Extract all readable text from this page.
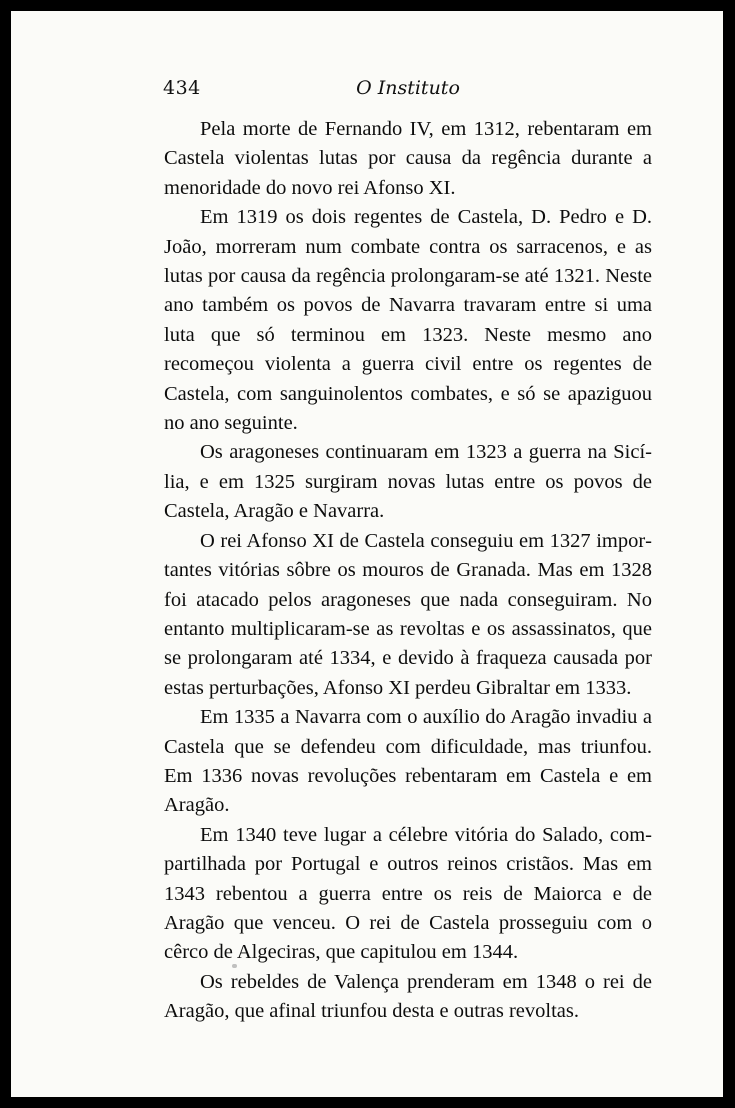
434	O Instituto

Pela morte de Fernando IV, em 1312, rebentaram em Castela violentas lutas por causa da regência durante a menoridade do novo rei Afonso XI.

Em 1319 os dois regentes de Castela, D. Pedro e D. João, morreram num combate contra os sarracenos, e as lutas por causa da regência prolongaram-se até 1321. Neste ano também os povos de Navarra travaram entre si uma luta que só terminou em 1323. Neste mesmo ano recomeçou violenta a guerra civil entre os regentes de Castela, com sanguinolentos combates, e só se apaziguou no ano seguinte.

Os aragoneses continuaram em 1323 a guerra na Sicília, e em 1325 surgiram novas lutas entre os povos de Castela, Aragão e Navarra.

O rei Afonso XI de Castela conseguiu em 1327 importantes vitórias sôbre os mouros de Granada. Mas em 1328 foi atacado pelos aragoneses que nada conseguiram. No entanto multiplicaram-se as revoltas e os assassinatos, que se prolongaram até 1334, e devido à fraqueza causada por estas perturbações, Afonso XI perdeu Gibraltar em 1333.

Em 1335 a Navarra com o auxílio do Aragão invadiu a Castela que se defendeu com dificuldade, mas triunfou. Em 1336 novas revoluções rebentaram em Castela e em Aragão.

Em 1340 teve lugar a célebre vitória do Salado, compartilhada por Portugal e outros reinos cristãos. Mas em 1343 rebentou a guerra entre os reis de Maiorca e de Aragão que venceu. O rei de Castela prosseguiu com o cêrco de Algeciras, que capitulou em 1344.

Os rebeldes de Valença prenderam em 1348 o rei de Aragão, que afinal triunfou desta e outras revoltas.
